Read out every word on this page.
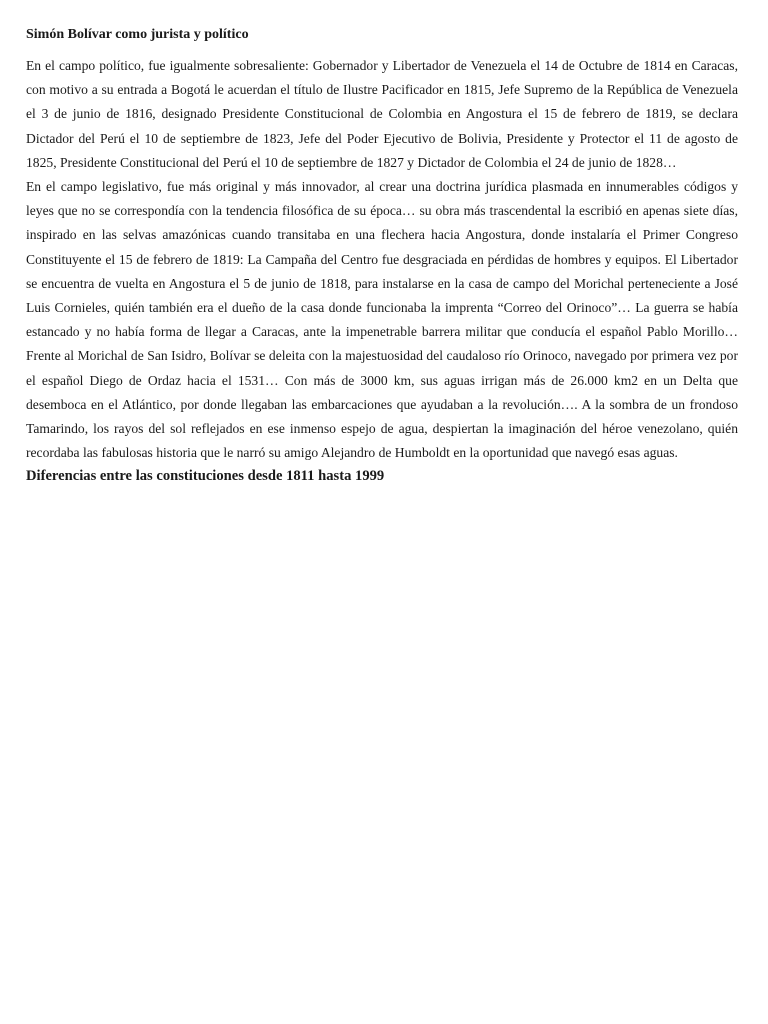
Simón Bolívar como jurista y político

En el campo político, fue igualmente sobresaliente: Gobernador y Libertador de Venezuela el 14 de Octubre de 1814 en Caracas, con motivo a su entrada a Bogotá le acuerdan el título de Ilustre Pacificador en 1815, Jefe Supremo de la República de Venezuela el 3 de junio de 1816, designado Presidente Constitucional de Colombia en Angostura el 15 de febrero de 1819, se declara Dictador del Perú el 10 de septiembre de 1823, Jefe del Poder Ejecutivo de Bolivia, Presidente y Protector el 11 de agosto de 1825, Presidente Constitucional del Perú el 10 de septiembre de 1827 y Dictador de Colombia el 24 de junio de 1828…

En el campo legislativo, fue más original y más innovador, al crear una doctrina jurídica plasmada en innumerables códigos y leyes que no se correspondía con la tendencia filosófica de su época… su obra más trascendental la escribió en apenas siete días, inspirado en las selvas amazónicas cuando transitaba en una flechera hacia Angostura, donde instalaría el Primer Congreso Constituyente el 15 de febrero de 1819: La Campaña del Centro fue desgraciada en pérdidas de hombres y equipos. El Libertador se encuentra de vuelta en Angostura el 5 de junio de 1818, para instalarse en la casa de campo del Morichal perteneciente a José Luis Cornieles, quién también era el dueño de la casa donde funcionaba la imprenta “Correo del Orinoco”… La guerra se había estancado y no había forma de llegar a Caracas, ante la impenetrable barrera militar que conducía el español Pablo Morillo… Frente al Morichal de San Isidro, Bolívar se deleita con la majestuosidad del caudaloso río Orinoco, navegado por primera vez por el español Diego de Ordaz hacia el 1531… Con más de 3000 km, sus aguas irrigan más de 26.000 km2 en un Delta que desemboca en el Atlántico, por donde llegaban las embarcaciones que ayudaban a la revolución…. A la sombra de un frondoso Tamarindo, los rayos del sol reflejados en ese inmenso espejo de agua, despiertan la imaginación del héroe venezolano, quién recordaba las fabulosas historia que le narró su amigo Alejandro de Humboldt en la oportunidad que navegó esas aguas.

Diferencias entre las constituciones desde 1811 hasta 1999
